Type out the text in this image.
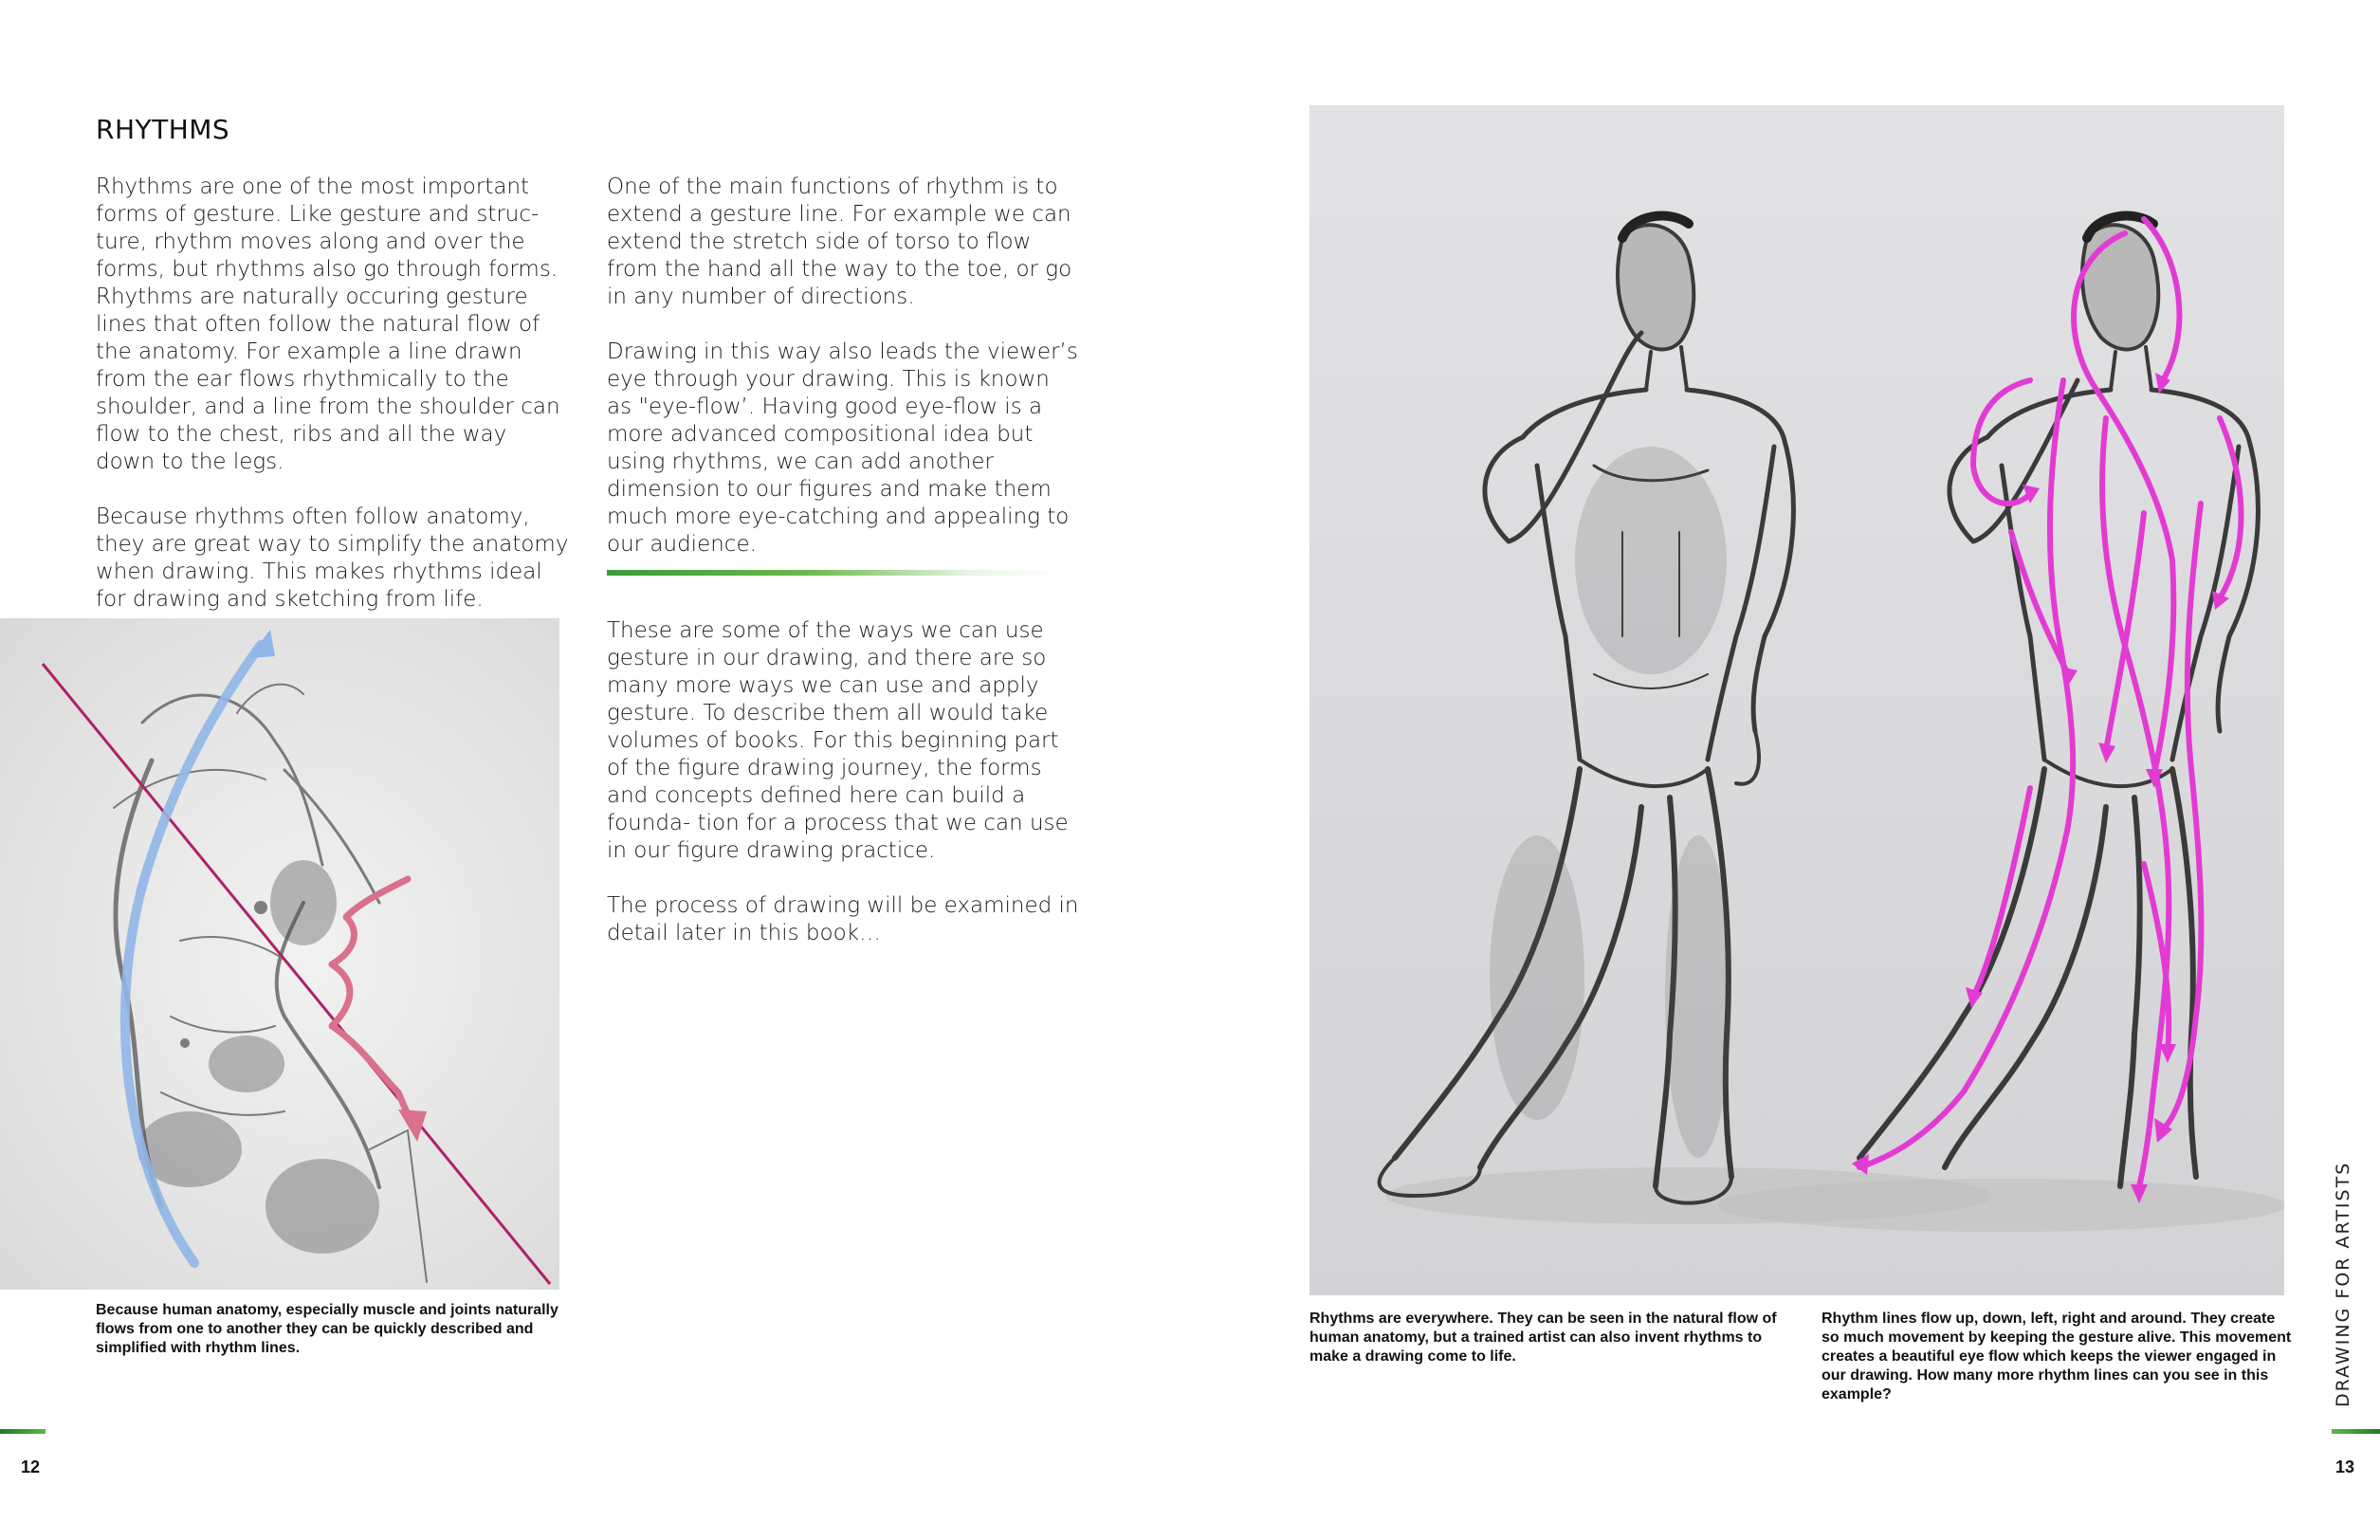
RHYTHMS

Rhythms are one of the most important forms of gesture. Like gesture and struc- ture, rhythm moves along and over the forms, but rhythms also go through forms. Rhythms are naturally occuring gesture lines that often follow the natural flow of the anatomy. For example a line drawn from the ear flows rhythmically to the shoulder, and a line from the shoulder can flow to the chest, ribs and all the way down to the legs.

Because rhythms often follow anatomy, they are great way to simplify the anatomy when drawing. This makes rhythms ideal for drawing and sketching from life.

One of the main functions of rhythm is to extend a gesture line. For example we can extend the stretch side of torso to flow from the hand all the way to the toe, or go in any number of directions.

Drawing in this way also leads the viewer’s eye through your drawing. This is known as "eye-flow’. Having good eye-flow is a more advanced compositional idea but using rhythms, we can add another dimension to our figures and make them much more eye-catching and appealing to our audience.

These are some of the ways we can use gesture in our drawing, and there are so many more ways we can use and apply gesture. To describe them all would take volumes of books. For this beginning part of the figure drawing journey, the forms and concepts defined here can build a founda- tion for a process that we can use in our figure drawing practice.

The process of drawing will be examined in detail later in this book…

Because human anatomy, especially muscle and joints naturally flows from one to another they can be quickly described and simplified with rhythm lines.
12
Rhythms are everywhere. They can be seen in the natural flow of human anatomy, but a trained artist can also invent rhythms to make a drawing come to life.
Rhythm lines flow up, down, left, right and around. They create so much movement by keeping the gesture alive. This movement creates a beautiful eye flow which keeps the viewer engaged in our drawing. How many more rhythm lines can you see in this example?	DRAWING FOR ARTISTS
13
